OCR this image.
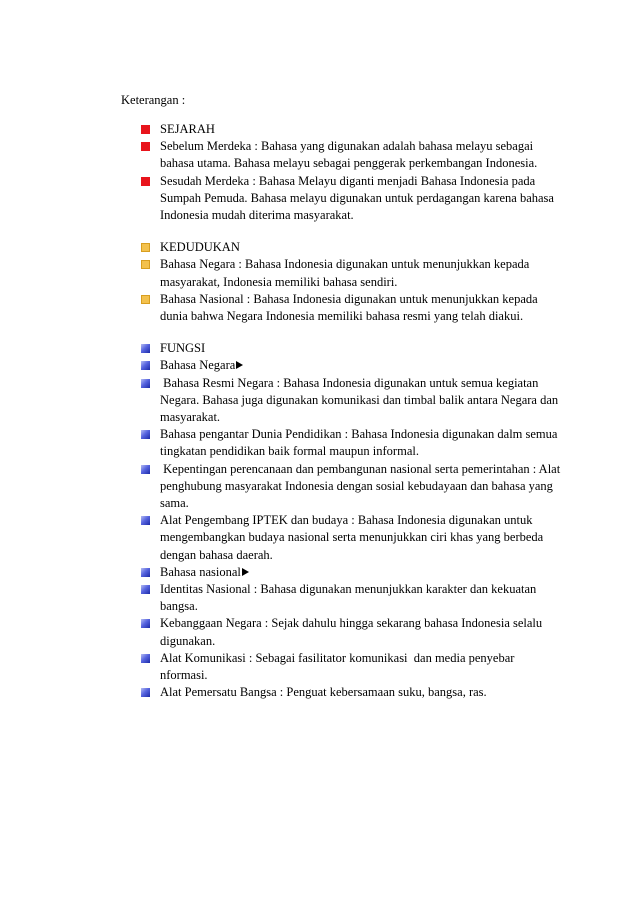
Keterangan :
SEJARAH
Sebelum Merdeka : Bahasa yang digunakan adalah bahasa melayu sebagai bahasa utama. Bahasa melayu sebagai penggerak perkembangan Indonesia.
Sesudah Merdeka : Bahasa Melayu diganti menjadi Bahasa Indonesia pada Sumpah Pemuda. Bahasa melayu digunakan untuk perdagangan karena bahasa Indonesia mudah diterima masyarakat.
KEDUDUKAN
Bahasa Negara : Bahasa Indonesia digunakan untuk menunjukkan kepada masyarakat, Indonesia memiliki bahasa sendiri.
Bahasa Nasional : Bahasa Indonesia digunakan untuk menunjukkan kepada dunia bahwa Negara Indonesia memiliki bahasa resmi yang telah diakui.
FUNGSI
Bahasa Negara
Bahasa Resmi Negara : Bahasa Indonesia digunakan untuk semua kegiatan Negara. Bahasa juga digunakan komunikasi dan timbal balik antara Negara dan masyarakat.
Bahasa pengantar Dunia Pendidikan : Bahasa Indonesia digunakan dalm semua tingkatan pendidikan baik formal maupun informal.
Kepentingan perencanaan dan pembangunan nasional serta pemerintahan : Alat penghubung masyarakat Indonesia dengan sosial kebudayaan dan bahasa yang sama.
Alat Pengembang IPTEK dan budaya : Bahasa Indonesia digunakan untuk mengembangkan budaya nasional serta menunjukkan ciri khas yang berbeda dengan bahasa daerah.
Bahasa nasional
Identitas Nasional : Bahasa digunakan menunjukkan karakter dan kekuatan bangsa.
Kebanggaan Negara : Sejak dahulu hingga sekarang bahasa Indonesia selalu digunakan.
Alat Komunikasi : Sebagai fasilitator komunikasi  dan media penyebar nformasi.
Alat Pemersatu Bangsa : Penguat kebersamaan suku, bangsa, ras.
